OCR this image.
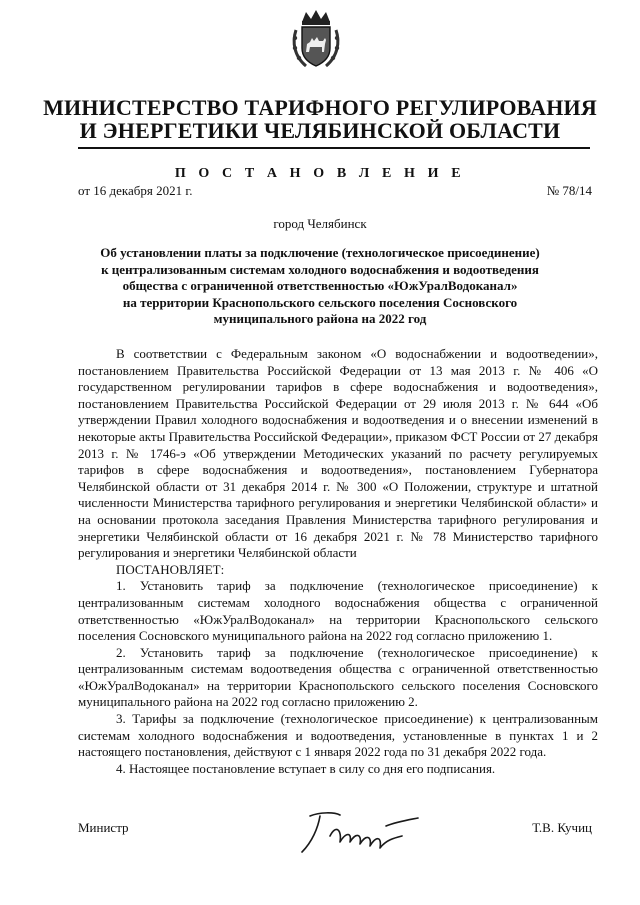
МИНИСТЕРСТВО ТАРИФНОГО РЕГУЛИРОВАНИЯ
И ЭНЕРГЕТИКИ ЧЕЛЯБИНСКОЙ ОБЛАСТИ
П О С Т А Н О В Л Е Н И Е
от 16 декабря 2021 г.	№ 78/14
город Челябинск
Об установлении платы за подключение (технологическое присоединение)
к централизованным системам холодного водоснабжения и водоотведения
общества с ограниченной ответственностью «ЮжУралВодоканал»
на территории Краснопольского сельского поселения Сосновского
муниципального района на 2022 год

В соответствии с Федеральным законом «О водоснабжении и водоотведении», постановлением Правительства Российской Федерации от 13 мая 2013 г. № 406 «О государственном регулировании тарифов в сфере водоснабжения и водоотведения», постановлением Правительства Российской Федерации от 29 июля 2013 г. № 644 «Об утверждении Правил холодного водоснабжения и водоотведения и о внесении изменений в некоторые акты Правительства Российской Федерации», приказом ФСТ России от 27 декабря 2013 г. № 1746-э «Об утверждении Методических указаний по расчету регулируемых тарифов в сфере водоснабжения и водоотведения», постановлением Губернатора Челябинской области от 31 декабря 2014 г. № 300 «О Положении, структуре и штатной численности Министерства тарифного регулирования и энергетики Челябинской области» и на основании протокола заседания Правления Министерства тарифного регулирования и энергетики Челябинской области от 16 декабря 2021 г. № 78 Министерство тарифного регулирования и энергетики Челябинской области

ПОСТАНОВЛЯЕТ:

1. Установить тариф за подключение (технологическое присоединение) к централизованным системам холодного водоснабжения общества с ограниченной ответственностью «ЮжУралВодоканал» на территории Краснопольского сельского поселения Сосновского муниципального района на 2022 год согласно приложению 1.

2. Установить тариф за подключение (технологическое присоединение) к централизованным системам водоотведения общества с ограниченной ответственностью «ЮжУралВодоканал» на территории Краснопольского сельского поселения Сосновского муниципального района на 2022 год согласно приложению 2.

3. Тарифы за подключение (технологическое присоединение) к централизованным системам холодного водоснабжения и водоотведения, установленные в пунктах 1 и 2 настоящего постановления, действуют с 1 января 2022 года по 31 декабря 2022 года.

4. Настоящее постановление вступает в силу со дня его подписания.

Министр	Т.В. Кучиц
